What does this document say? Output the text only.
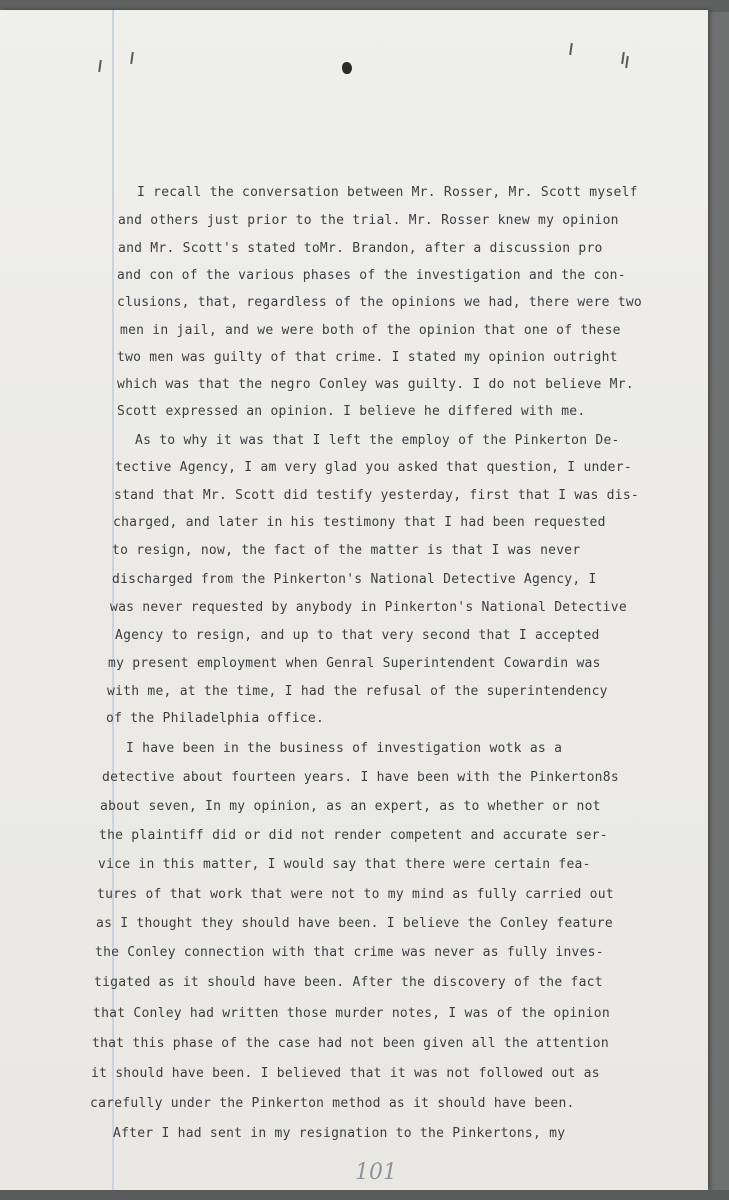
I recall the conversation between Mr. Rosser, Mr. Scott myself
and others just prior to the trial. Mr. Rosser knew my opinion
and Mr. Scott's stated toMr. Brandon, after a discussion pro
and con of the various phases of the investigation and the con-
clusions, that, regardless of the opinions we had, there were two
men in jail, and we were both of the opinion that one of these
two men was guilty of that crime. I stated my opinion outright
which was that the negro Conley was guilty. I do not believe Mr.
Scott expressed an opinion. I believe he differed with me.
As to why it was that I left the employ of the Pinkerton De-
tective Agency, I am very glad you asked that question, I under-
stand that Mr. Scott did testify yesterday, first that I was dis-
charged, and later in his testimony that I had been requested
to resign, now, the fact of the matter is that I was never
discharged from the Pinkerton's National Detective Agency, I
was never requested by anybody in Pinkerton's National Detective
Agency to resign, and up to that very second that I accepted
my present employment when Genral Superintendent Cowardin was
with me, at the time, I had the refusal of the superintendency
of the Philadelphia office.
I have been in the business of investigation wotk as a
detective about fourteen years. I have been with the Pinkerton8s
about seven, In my opinion, as an expert, as to whether or not
the plaintiff did or did not render competent and accurate ser-
vice in this matter, I would say that there were certain fea-
tures of that work that were not to my mind as fully carried out
as I thought they should have been. I believe the Conley feature
the Conley connection with that crime was never as fully inves-
tigated as it should have been. After the discovery of the fact
that Conley had written those murder notes, I was of the opinion
that this phase of the case had not been given all the attention
it should have been. I believed that it was not followed out as
carefully under the Pinkerton method as it should have been.
After I had sent in my resignation to the Pinkertons, my
101
